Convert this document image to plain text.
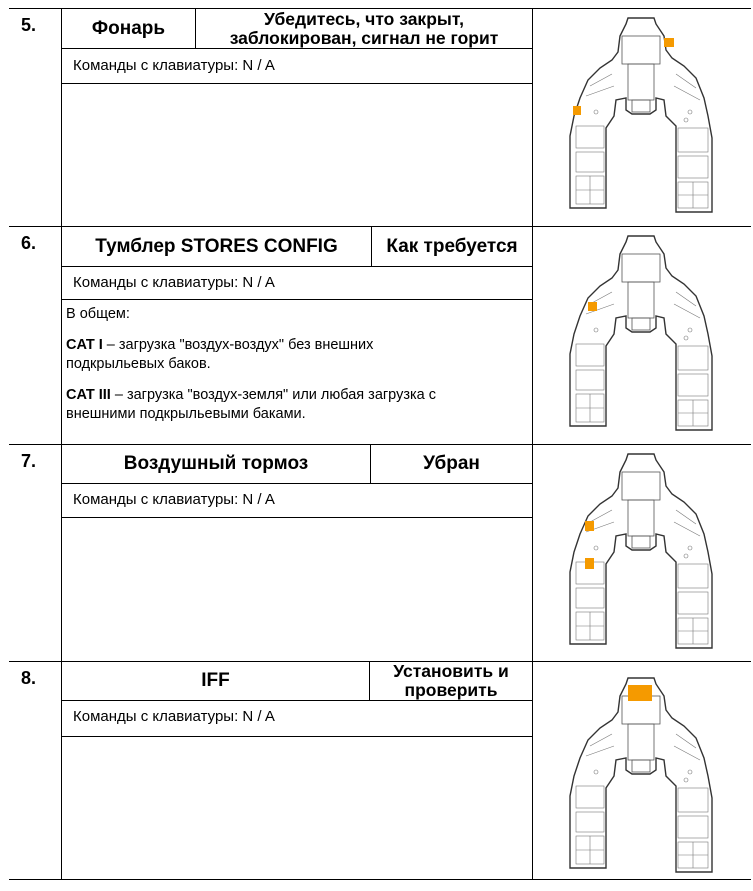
5.	Фонарь	Убедитесь, что закрыт,
заблокирован, сигнал не горит
Команды с клавиатуры: N / A
6.	Тумблер STORES CONFIG	Как требуется
Команды с клавиатуры: N / A

В общем:

CAT I – загрузка "воздух-воздух" без внешних
подкрыльевых баков.

CAT III – загрузка "воздух-земля" или любая загрузка с
внешними подкрыльевыми баками.

7.	Воздушный тормоз	Убран
Команды с клавиатуры: N / A
8.	IFF	Установить и
проверить
Команды с клавиатуры: N / A
